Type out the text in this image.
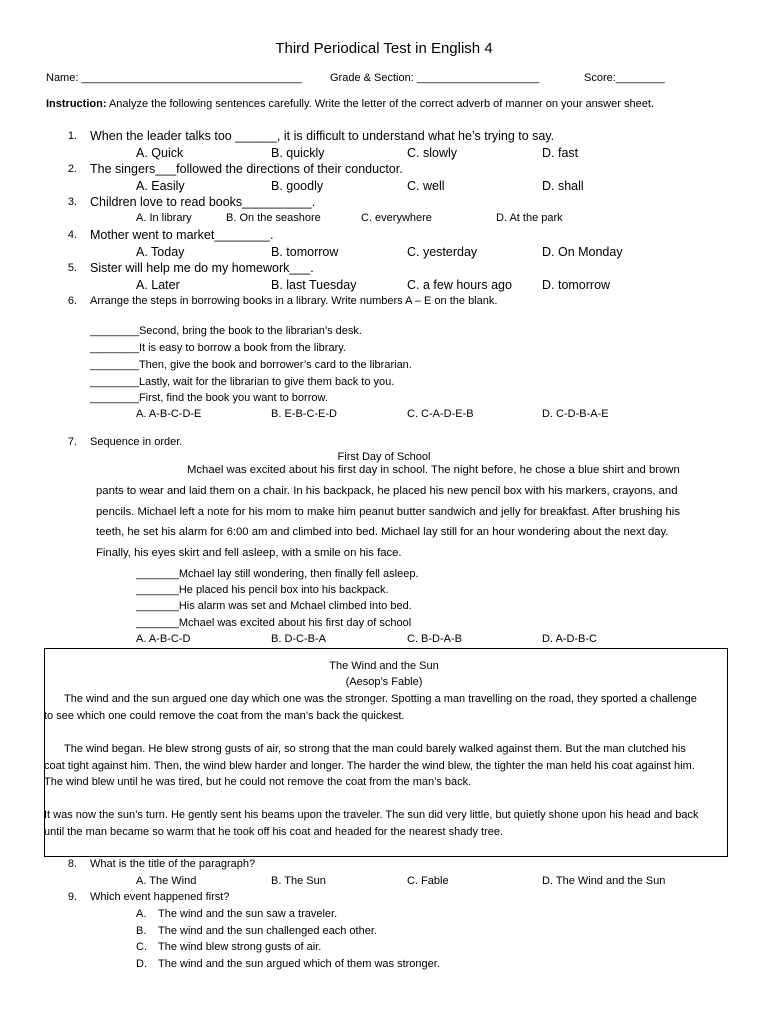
Third Periodical Test in English 4
Name: ____________________________________	Grade & Section: ____________________	Score:________
Instruction: Analyze the following sentences carefully. Write the letter of the correct adverb of manner on your answer sheet.
1. When the leader talks too ______, it is difficult to understand what he’s trying to say.
A. Quick	B. quickly	C. slowly	D. fast
2. The singers___followed the directions of their conductor.
A. Easily	B. goodly	C. well	D. shall
3. Children love to read books__________.
A. In library	B. On the seashore	C. everywhere	D. At the park
4. Mother went to market________.
A. Today	B. tomorrow	C. yesterday	D. On Monday
5. Sister will help me do my homework___.
A. Later	B. last Tuesday	C. a few hours ago D. tomorrow
6. Arrange the steps in borrowing books in a library. Write numbers A – E on the blank.
________Second, bring the book to the librarian’s desk.
________It is easy to borrow a book from the library.
________Then, give the book and borrower’s card to the librarian.
________Lastly, wait for the librarian to give them back to you.
________First, find the book you want to borrow.
A. A-B-C-D-E	B. E-B-C-E-D	C. C-A-D-E-B	D. C-D-B-A-E
7. Sequence in order.
First Day of School
Mchael was excited about his first day in school. The night before, he chose a blue shirt and brown
pants to wear and laid them on a chair. In his backpack, he placed his new pencil box with his markers, crayons, and
pencils. Michael left a note for his mom to make him peanut butter sandwich and jelly for breakfast. After brushing his
teeth, he set his alarm for 6:00 am and climbed into bed. Michael lay still for an hour wondering about the next day.
Finally, his eyes skirt and fell asleep, with a smile on his face.
_______Mchael lay still wondering, then finally fell asleep.
_______He placed his pencil box into his backpack.
_______His alarm was set and Mchael climbed into bed.
_______Mchael was excited about his first day of school
A. A-B-C-D	B. D-C-B-A	C. B-D-A-B	D. A-D-B-C
The Wind and the Sun
(Aesop’s Fable)
The wind and the sun argued one day which one was the stronger. Spotting a man travelling on the road, they sported a challenge
to see which one could remove the coat from the man’s back the quickest.
The wind began. He blew strong gusts of air, so strong that the man could barely walked against them. But the man clutched his
coat tight against him. Then, the wind blew harder and longer. The harder the wind blew, the tighter the man held his coat against him.
The wind blew until he was tired, but he could not remove the coat from the man’s back.
It was now the sun’s turn. He gently sent his beams upon the traveler. The sun did very little, but quietly shone upon his head and back
until the man became so warm that he took off his coat and headed for the nearest shady tree.
8. What is the title of the paragraph?
A. The Wind	B. The Sun	C. Fable	D. The Wind and the Sun
9. Which event happened first?
A. The wind and the sun saw a traveler.
B. The wind and the sun challenged each other.
C. The wind blew strong gusts of air.
D. The wind and the sun argued which of them was stronger.
